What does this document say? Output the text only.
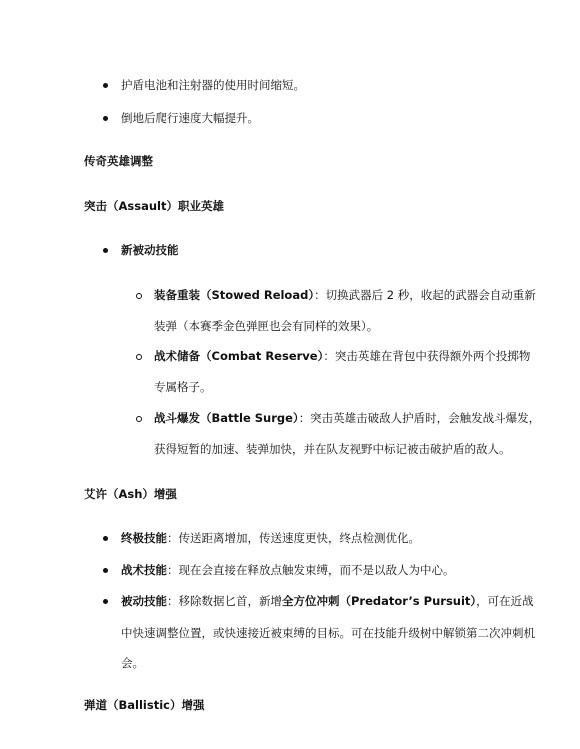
护盾电池和注射器的使用时间缩短。
倒地后爬行速度大幅提升。
传奇英雄调整
突击（Assault）职业英雄
新被动技能
装备重装（Stowed Reload）：切换武器后 2 秒，收起的武器会自动重新
装弹（本赛季金色弹匣也会有同样的效果）。
战术储备（Combat Reserve）：突击英雄在背包中获得额外两个投掷物
专属格子。
战斗爆发（Battle Surge）：突击英雄击破敌人护盾时，会触发战斗爆发，
获得短暂的加速、装弹加快，并在队友视野中标记被击破护盾的敌人。
艾许（Ash）增强
终极技能：传送距离增加，传送速度更快，终点检测优化。
战术技能：现在会直接在释放点触发束缚，而不是以敌人为中心。
被动技能：移除数据匕首，新增全方位冲刺（Predator’s Pursuit），可在近战
中快速调整位置，或快速接近被束缚的目标。可在技能升级树中解锁第二次冲刺机
会。
弹道（Ballistic）增强
